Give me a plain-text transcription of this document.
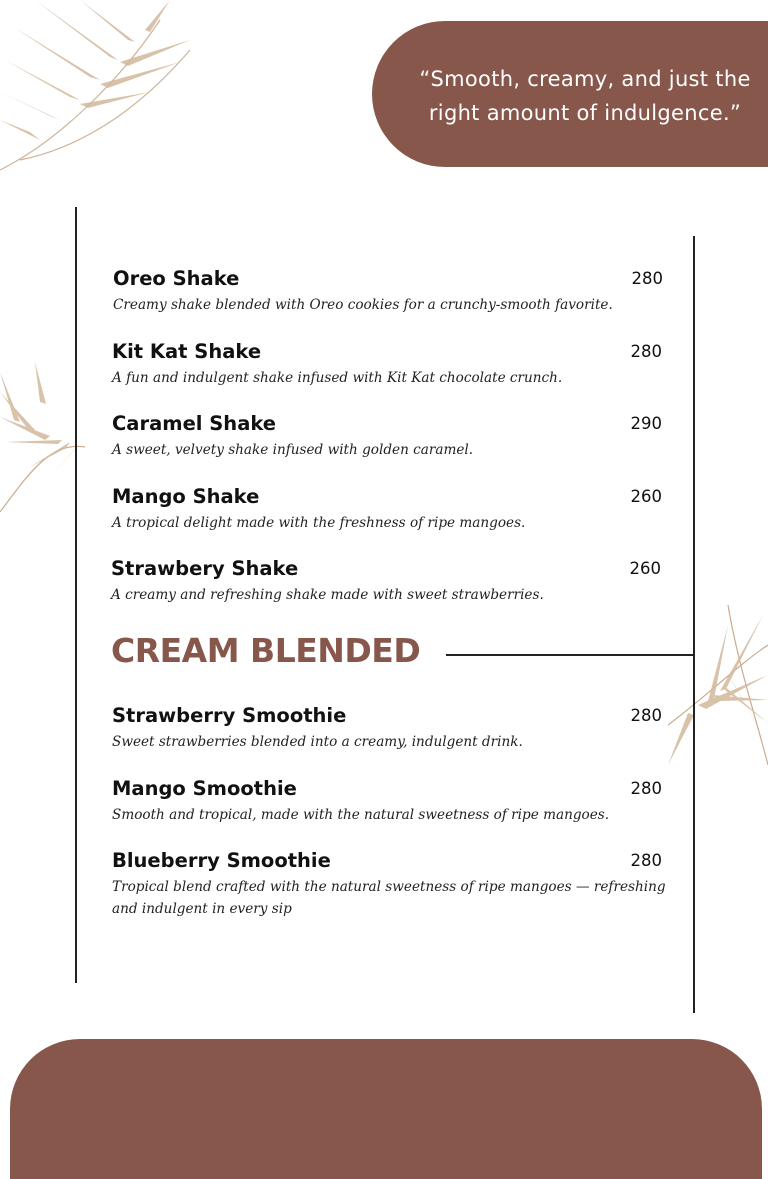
“Smooth, creamy, and just the right amount of indulgence.”
Oreo Shake	280
Creamy shake blended with Oreo cookies for a crunchy-smooth favorite.
Kit Kat Shake	280
A fun and indulgent shake infused with Kit Kat chocolate crunch.
Caramel Shake	290
A sweet, velvety shake infused with golden caramel.
Mango Shake	260
A tropical delight made with the freshness of ripe mangoes.
Strawbery Shake	260
A creamy and refreshing shake made with sweet strawberries.
CREAM BLENDED
Strawberry Smoothie	280
Sweet strawberries blended into a creamy, indulgent drink.
Mango Smoothie	280
Smooth and tropical, made with the natural sweetness of ripe mangoes.
Blueberry Smoothie	280
Tropical blend crafted with the natural sweetness of ripe mangoes — refreshing and indulgent in every sip
